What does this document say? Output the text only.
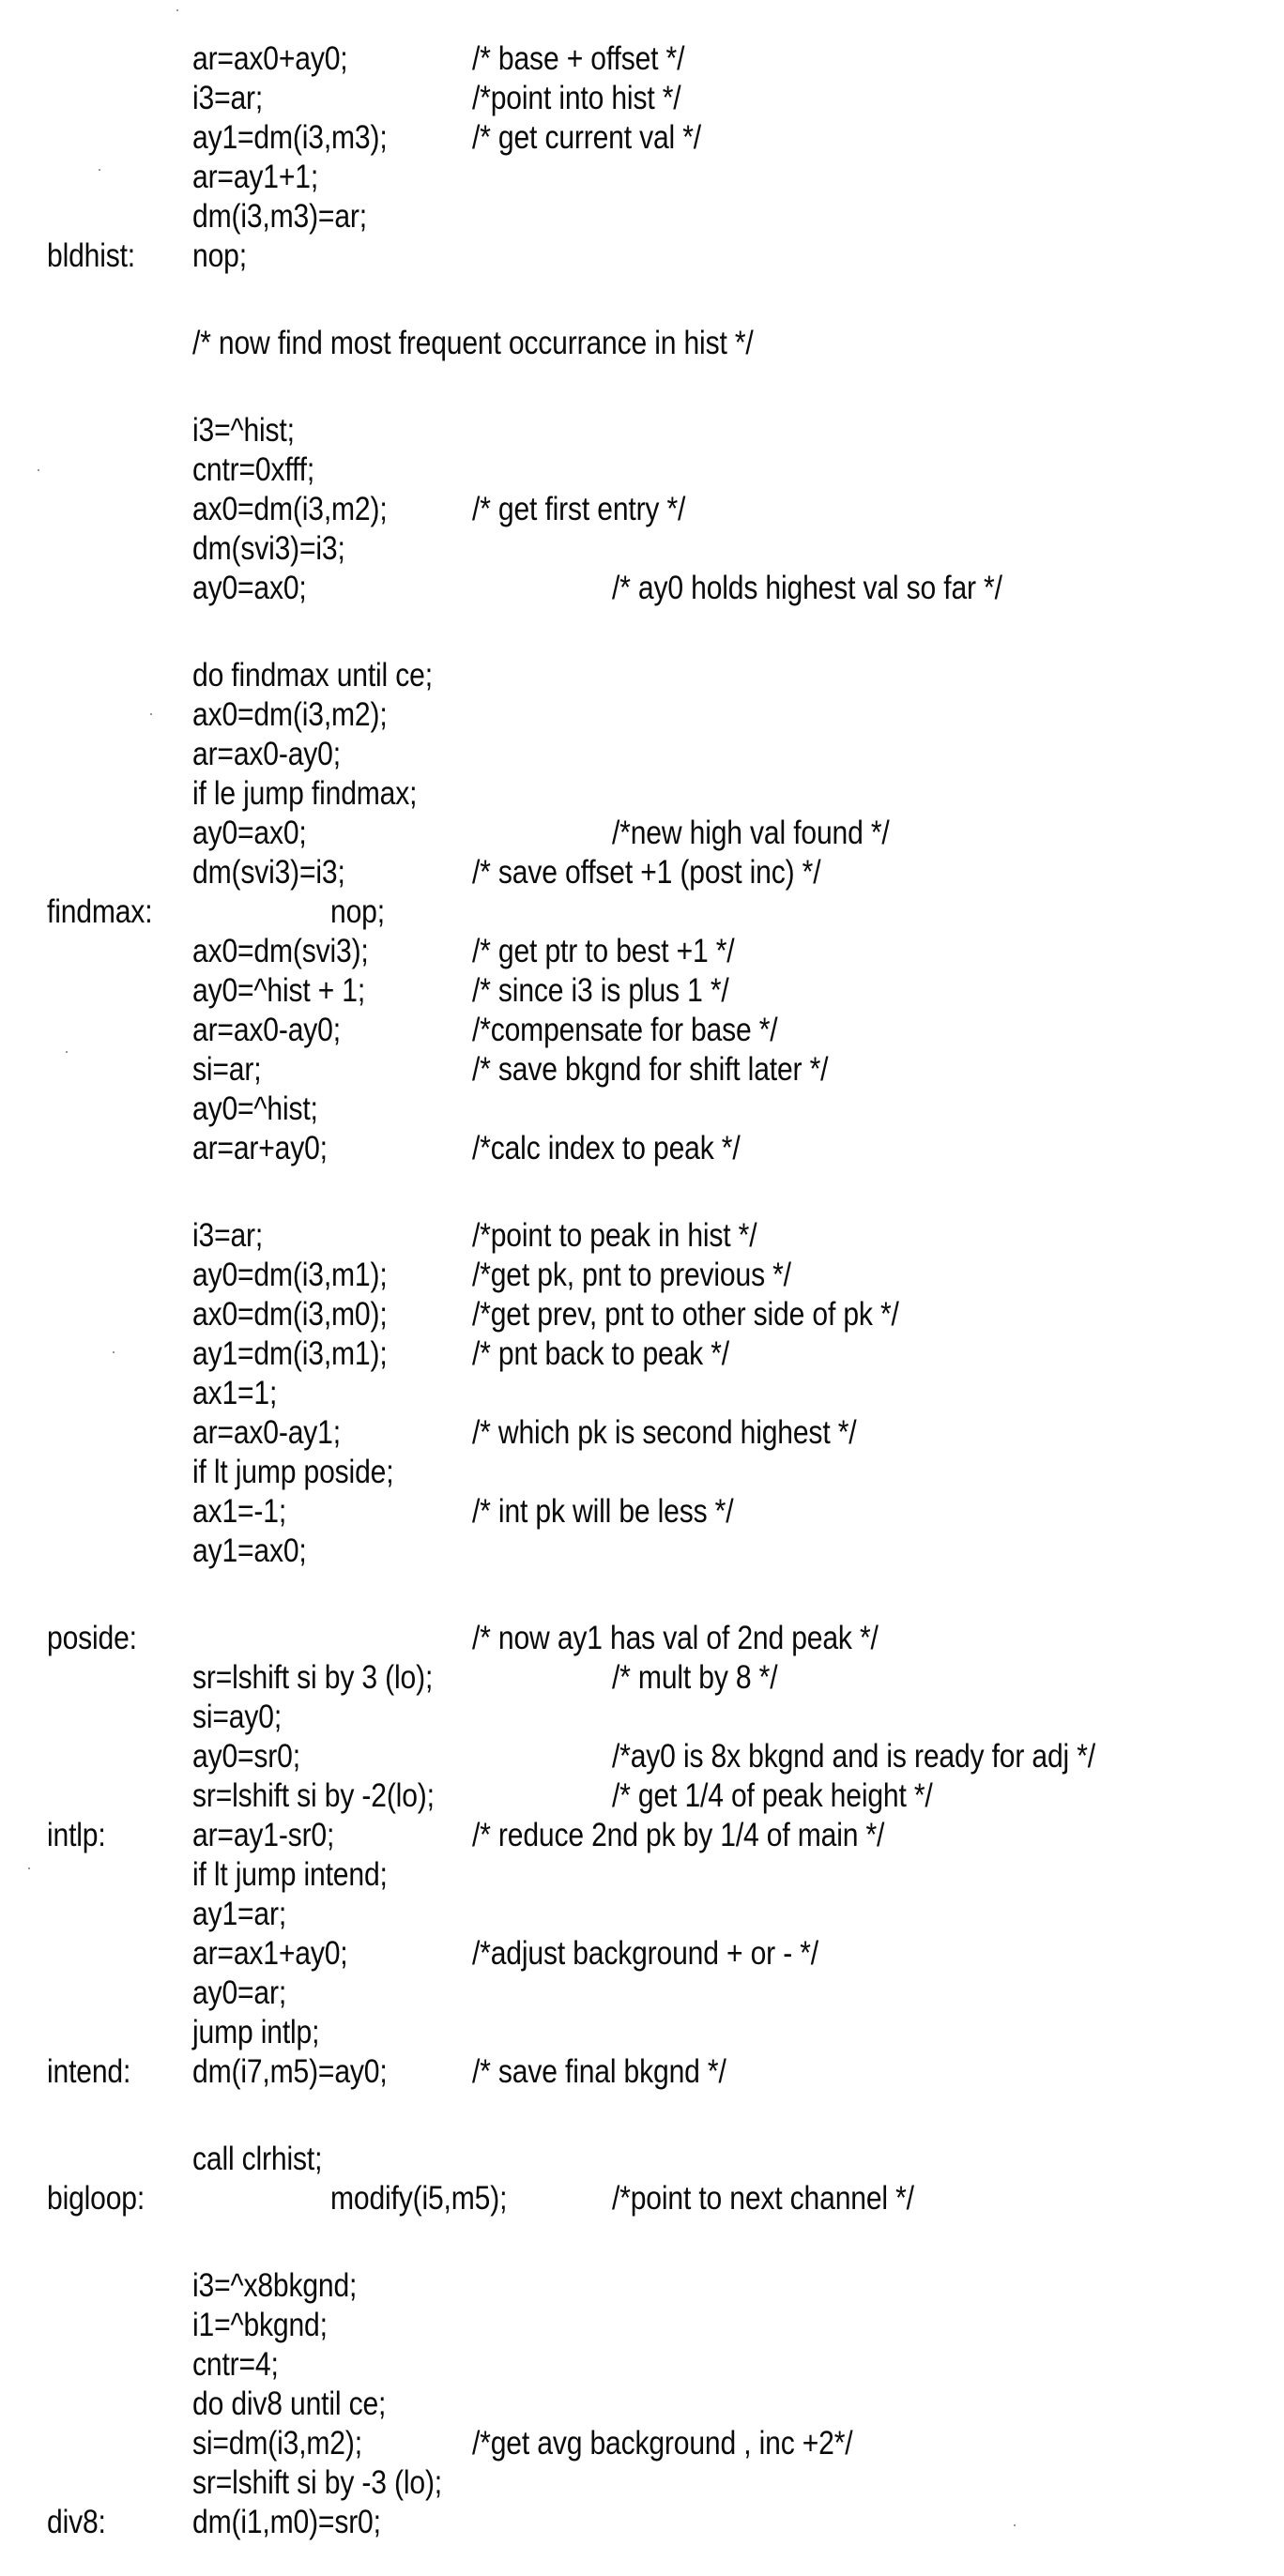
ar=ax0+ay0;	/* base + offset */
i3=ar;	/*point into hist */
ay1=dm(i3,m3);	/* get current val */
ar=ay1+1;
dm(i3,m3)=ar;
bldhist: nop;
/* now find most frequent occurrance in hist */
i3=^hist;
cntr=0xfff;
ax0=dm(i3,m2);	/* get first entry */
dm(svi3)=i3;
ay0=ax0;	/* ay0 holds highest val so far */
do findmax until ce;
ax0=dm(i3,m2);
ar=ax0-ay0;
if le jump findmax;
ay0=ax0;	/*new high val found */
dm(svi3)=i3;	/* save offset +1 (post inc) */
findmax:	nop;
ax0=dm(svi3);	/* get ptr to best +1 */
ay0=^hist + 1;	/* since i3 is plus 1 */
ar=ax0-ay0;	/*compensate for base */
si=ar;	/* save bkgnd for shift later */
ay0=^hist;
ar=ar+ay0;	/*calc index to peak */
i3=ar;	/*point to peak in hist */
ay0=dm(i3,m1);	/*get pk, pnt to previous */
ax0=dm(i3,m0);	/*get prev, pnt to other side of pk */
ay1=dm(i3,m1);	/* pnt back to peak */
ax1=1;
ar=ax0-ay1;	/* which pk is second highest */
if lt jump poside;
ax1=-1;	/* int pk will be less */
ay1=ax0;
poside:	/* now ay1 has val of 2nd peak */
sr=lshift si by 3 (lo);	/* mult by 8 */
si=ay0;
ay0=sr0;	/*ay0 is 8x bkgnd and is ready for adj */
sr=lshift si by -2(lo);	/* get 1/4 of peak height */
intlp:	ar=ay1-sr0;	/* reduce 2nd pk by 1/4 of main */
if lt jump intend;
ay1=ar;
ar=ax1+ay0;	/*adjust background + or - */
ay0=ar;
jump intlp;
intend: dm(i7,m5)=ay0;	/* save final bkgnd */
call clrhist;
bigloop:	modify(i5,m5);	/*point to next channel */
i3=^x8bkgnd;
i1=^bkgnd;
cntr=4;
do div8 until ce;
si=dm(i3,m2);	/*get avg background , inc +2*/
sr=lshift si by -3 (lo);
div8:	dm(i1,m0)=sr0;
